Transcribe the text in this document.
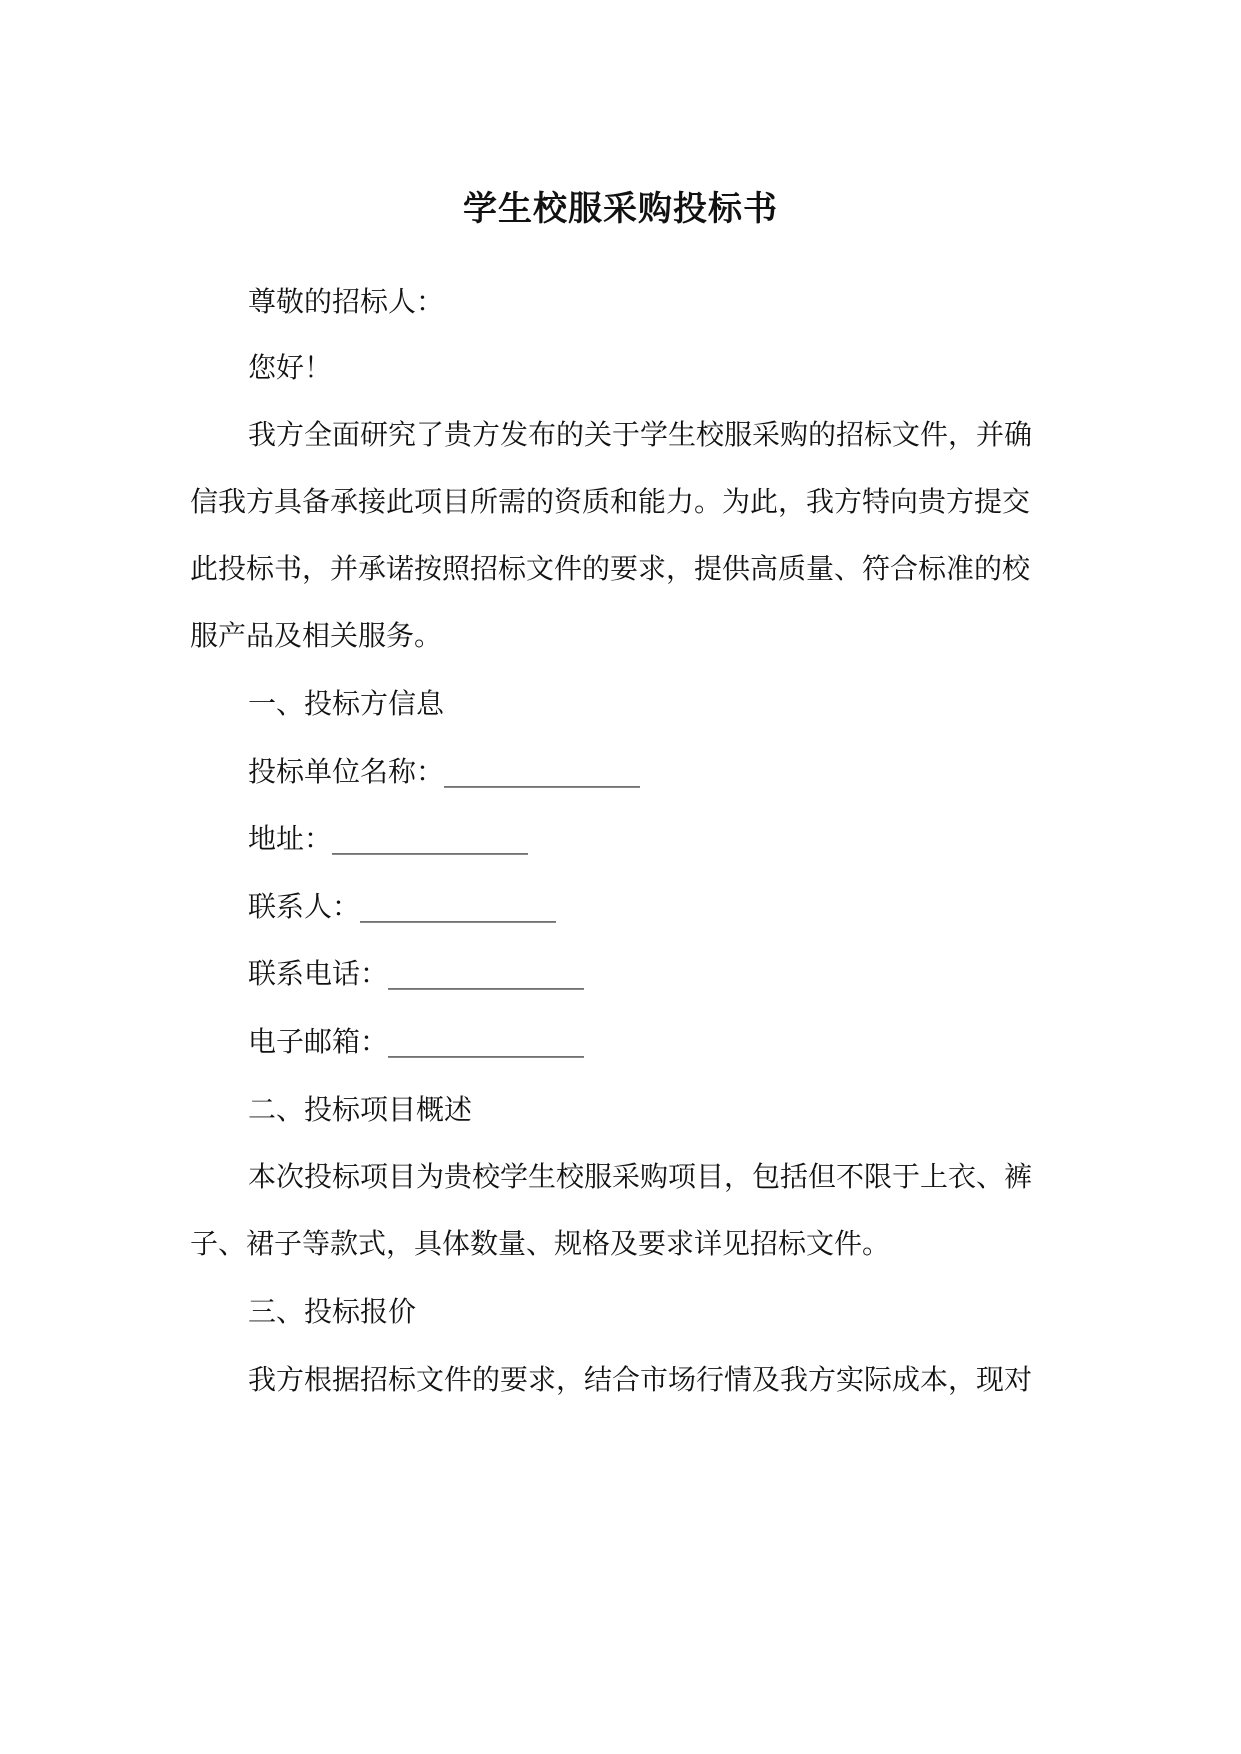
学生校服采购投标书

尊敬的招标人：

您好！

我方全面研究了贵方发布的关于学生校服采购的招标文件，并确

信我方具备承接此项目所需的资质和能力。为此，我方特向贵方提交

此投标书，并承诺按照招标文件的要求，提供高质量、符合标准的校

服产品及相关服务。

一、投标方信息

投标单位名称：______________

地址：______________

联系人：______________

联系电话：______________

电子邮箱：______________

二、投标项目概述

本次投标项目为贵校学生校服采购项目，包括但不限于上衣、裤

子、裙子等款式，具体数量、规格及要求详见招标文件。

三、投标报价

我方根据招标文件的要求，结合市场行情及我方实际成本，现对
